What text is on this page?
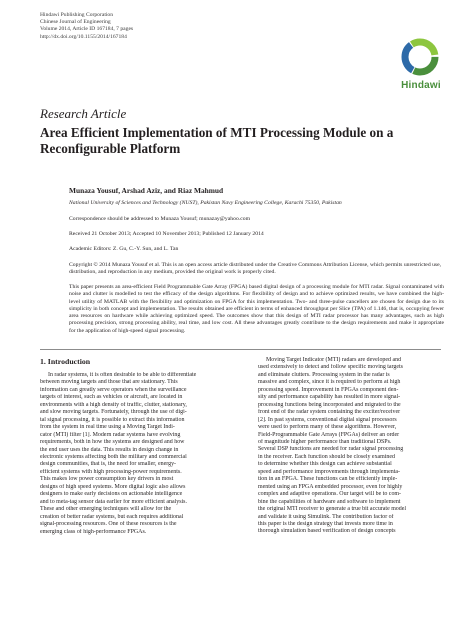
Hindawi Publishing Corporation
Chinese Journal of Engineering
Volume 2014, Article ID 167184, 7 pages
http://dx.doi.org/10.1155/2014/167184
Hindawi
Research Article
Area Efficient Implementation of MTI Processing Module on a Reconfigurable Platform
Munaza Yousuf, Arshad Aziz, and Riaz Mahmud
National University of Sciences and Technology (NUST), Pakistan Navy Engineering College, Karachi 75350, Pakistan
Correspondence should be addressed to Munaza Yousuf; munazay@yahoo.com
Received 21 October 2013; Accepted 10 November 2013; Published 12 January 2014
Academic Editors: Z. Gu, C.-Y. Sun, and L. Tan
Copyright © 2014 Munaza Yousuf et al. This is an open access article distributed under the Creative Commons Attribution License, which permits unrestricted use, distribution, and reproduction in any medium, provided the original work is properly cited.
This paper presents an area-efficient Field Programmable Gate Array (FPGA) based digital design of a processing module for MTI radar. Signal contaminated with noise and clutter is modelled to test the efficacy of the design algorithms. For flexibility of design and to achieve optimized results, we have combined the high-level utility of MATLAB with the flexibility and optimization on FPGA for this implementation. Two- and three-pulse cancellers are chosen for design due to its simplicity in both concept and implementation. The results obtained are efficient in terms of enhanced throughput per Slice (TPA) of 1.146, that is, occupying fewer area resources on hardware while achieving optimized speed. The outcomes show that this design of MTI radar processor has many advantages, such as high processing precision, strong processing ability, real time, and low cost. All these advantages greatly contribute to the design requirements and make it appropriate for the application of high-speed signal processing.
1. Introduction
In radar systems, it is often desirable to be able to differentiate
between moving targets and those that are stationary. This
information can greatly serve operators when the surveillance
targets of interest, such as vehicles or aircraft, are located in
environments with a high density of traffic, clutter, stationary,
and slow moving targets. Fortunately, through the use of digi-
tal signal processing, it is possible to extract this information
from the system in real time using a Moving Target Indi-
cator (MTI) filter [1]. Modern radar systems have evolving
requirements, both in how the systems are designed and how
the end user uses the data. This results in design change in
electronic systems affecting both the military and commercial
design communities, that is, the need for smaller, energy-
efficient systems with high processing-power requirements.
This makes low power consumption key drivers in most
designs of high speed systems. More digital logic also allows
designers to make early decisions on actionable intelligence
and to meta-tag sensor data earlier for more efficient analysis.
These and other emerging techniques will allow for the
creation of better radar systems, but each requires additional
signal-processing resources. One of these resources is the
emerging class of high-performance FPGAs.
Moving Target Indicator (MTI) radars are developed and
used extensively to detect and follow specific moving targets
and eliminate clutters. Processing system in the radar is
massive and complex, since it is required to perform at high
processing speed. Improvement in FPGAs component den-
sity and performance capability has resulted in more signal-
processing functions being incorporated and migrated to the
front end of the radar system containing the exciter/receiver
[2]. In past systems, conventional digital signal processors
were used to perform many of these algorithms. However,
Field-Programmable Gate Arrays (FPGAs) deliver an order
of magnitude higher performance than traditional DSPs.
Several DSP functions are needed for radar signal processing
in the receiver. Each function should be closely examined
to determine whether this design can achieve substantial
speed and performance improvements through implementa-
tion in an FPGA. These functions can be efficiently imple-
mented using an FPGA embedded processor, even for highly
complex and adaptive operations. Our target will be to com-
bine the capabilities of hardware and software to implement
the original MTI receiver to generate a true bit accurate model
and validate it using Simulink. The contribution factor of
this paper is the design strategy that invests more time in
thorough simulation based verification of design concepts
